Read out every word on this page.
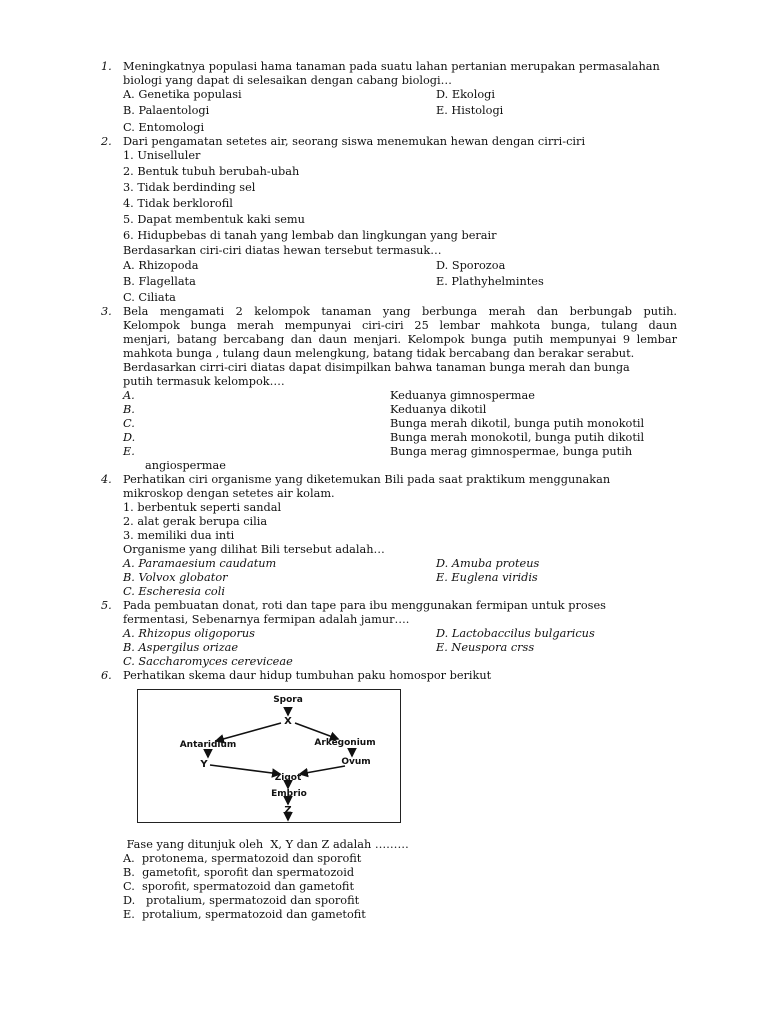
1. Meningkatnya populasi hama tanaman pada suatu lahan pertanian merupakan permasalahan
biologi yang dapat di selesaikan dengan cabang biologi…
A. Genetika populasi	D. Ekologi
B. Palaentologi	E. Histologi
C. Entomologi
2. Dari pengamatan setetes air, seorang siswa menemukan hewan dengan cirri-ciri
1. Uniselluler
2. Bentuk tubuh berubah-ubah
3. Tidak berdinding sel
4. Tidak berklorofil
5. Dapat membentuk kaki semu
6. Hidupbebas di tanah yang lembab dan lingkungan yang berair
Berdasarkan ciri-ciri diatas hewan tersebut termasuk…
A. Rhizopoda	D. Sporozoa
B. Flagellata	E. Plathyhelmintes
C. Ciliata
3. Bela mengamati 2 kelompok tanaman yang berbunga merah dan berbungab putih.
Kelompok bunga merah mempunyai ciri-ciri 25 lembar mahkota bunga, tulang daun
menjari, batang bercabang dan daun menjari. Kelompok bunga putih mempunyai 9 lembar
mahkota bunga , tulang daun melengkung, batang tidak bercabang dan berakar serabut.
Berdasarkan cirri-ciri diatas dapat disimpilkan bahwa tanaman bunga merah dan bunga
putih termasuk kelompok….
A.	Keduanya gimnospermae
B.	Keduanya dikotil
C.	Bunga merah dikotil, bunga putih monokotil
D.	Bunga merah monokotil, bunga putih dikotil
E.	Bunga merag gimnospermae, bunga putih
angiospermae
4. Perhatikan ciri organisme yang diketemukan Bili pada saat praktikum menggunakan
mikroskop dengan setetes air kolam.
1. berbentuk seperti sandal
2. alat gerak berupa cilia
3. memiliki dua inti
Organisme yang dilihat Bili tersebut adalah…
A. Paramaesium caudatum	D. Amuba proteus
B. Volvox globator	E. Euglena viridis
C. Escheresia coli
5. Pada pembuatan donat, roti dan tape para ibu menggunakan fermipan untuk proses
fermentasi, Sebenarnya fermipan adalah jamur….
A. Rhizopus oligoporus	D. Lactobaccilus bulgaricus
B. Aspergilus orizae	E. Neuspora crss
C. Saccharomyces cereviceae
6. Perhatikan skema daur hidup tumbuhan paku homospor berikut
Spora
X
Antaridium	Arkegonium
Y	Ovum
Zigot
Embrio
Z
Fase yang ditunjuk oleh  X, Y dan Z adalah ………
A.  protonema, spermatozoid dan sporofit
B.  gametofit, sporofit dan spermatozoid
C.  sporofit, spermatozoid dan gametofit
D.   protalium, spermatozoid dan sporofit
E.  protalium, spermatozoid dan gametofit
